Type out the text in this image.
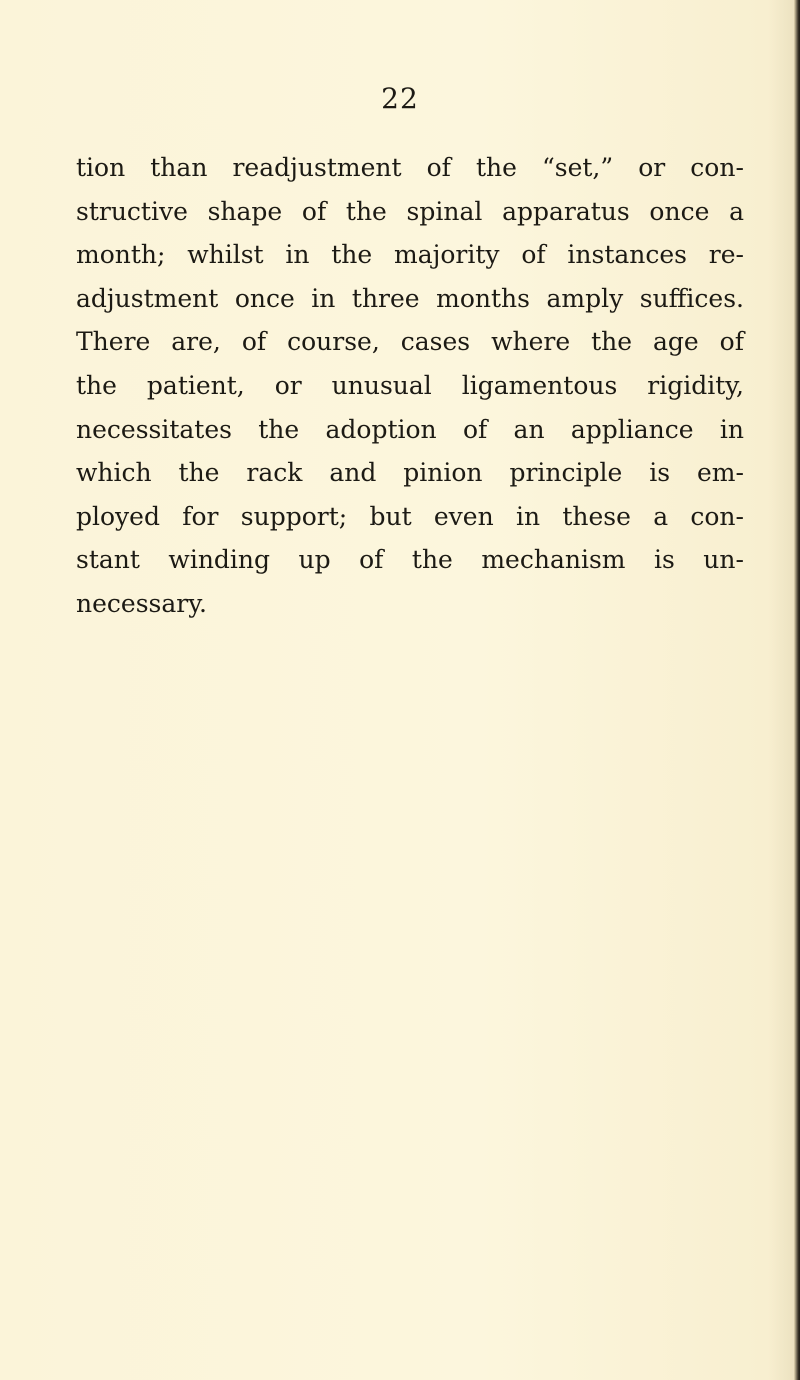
22
tion than readjustment of the “set,” or con-
structive shape of the spinal apparatus once a
month; whilst in the majority of instances re-
adjustment once in three months amply suffices.
There are, of course, cases where the age of
the patient, or unusual ligamentous rigidity,
necessitates the adoption of an appliance in
which the rack and pinion principle is em-
ployed for support; but even in these a con-
stant winding up of the mechanism is un-
necessary.
